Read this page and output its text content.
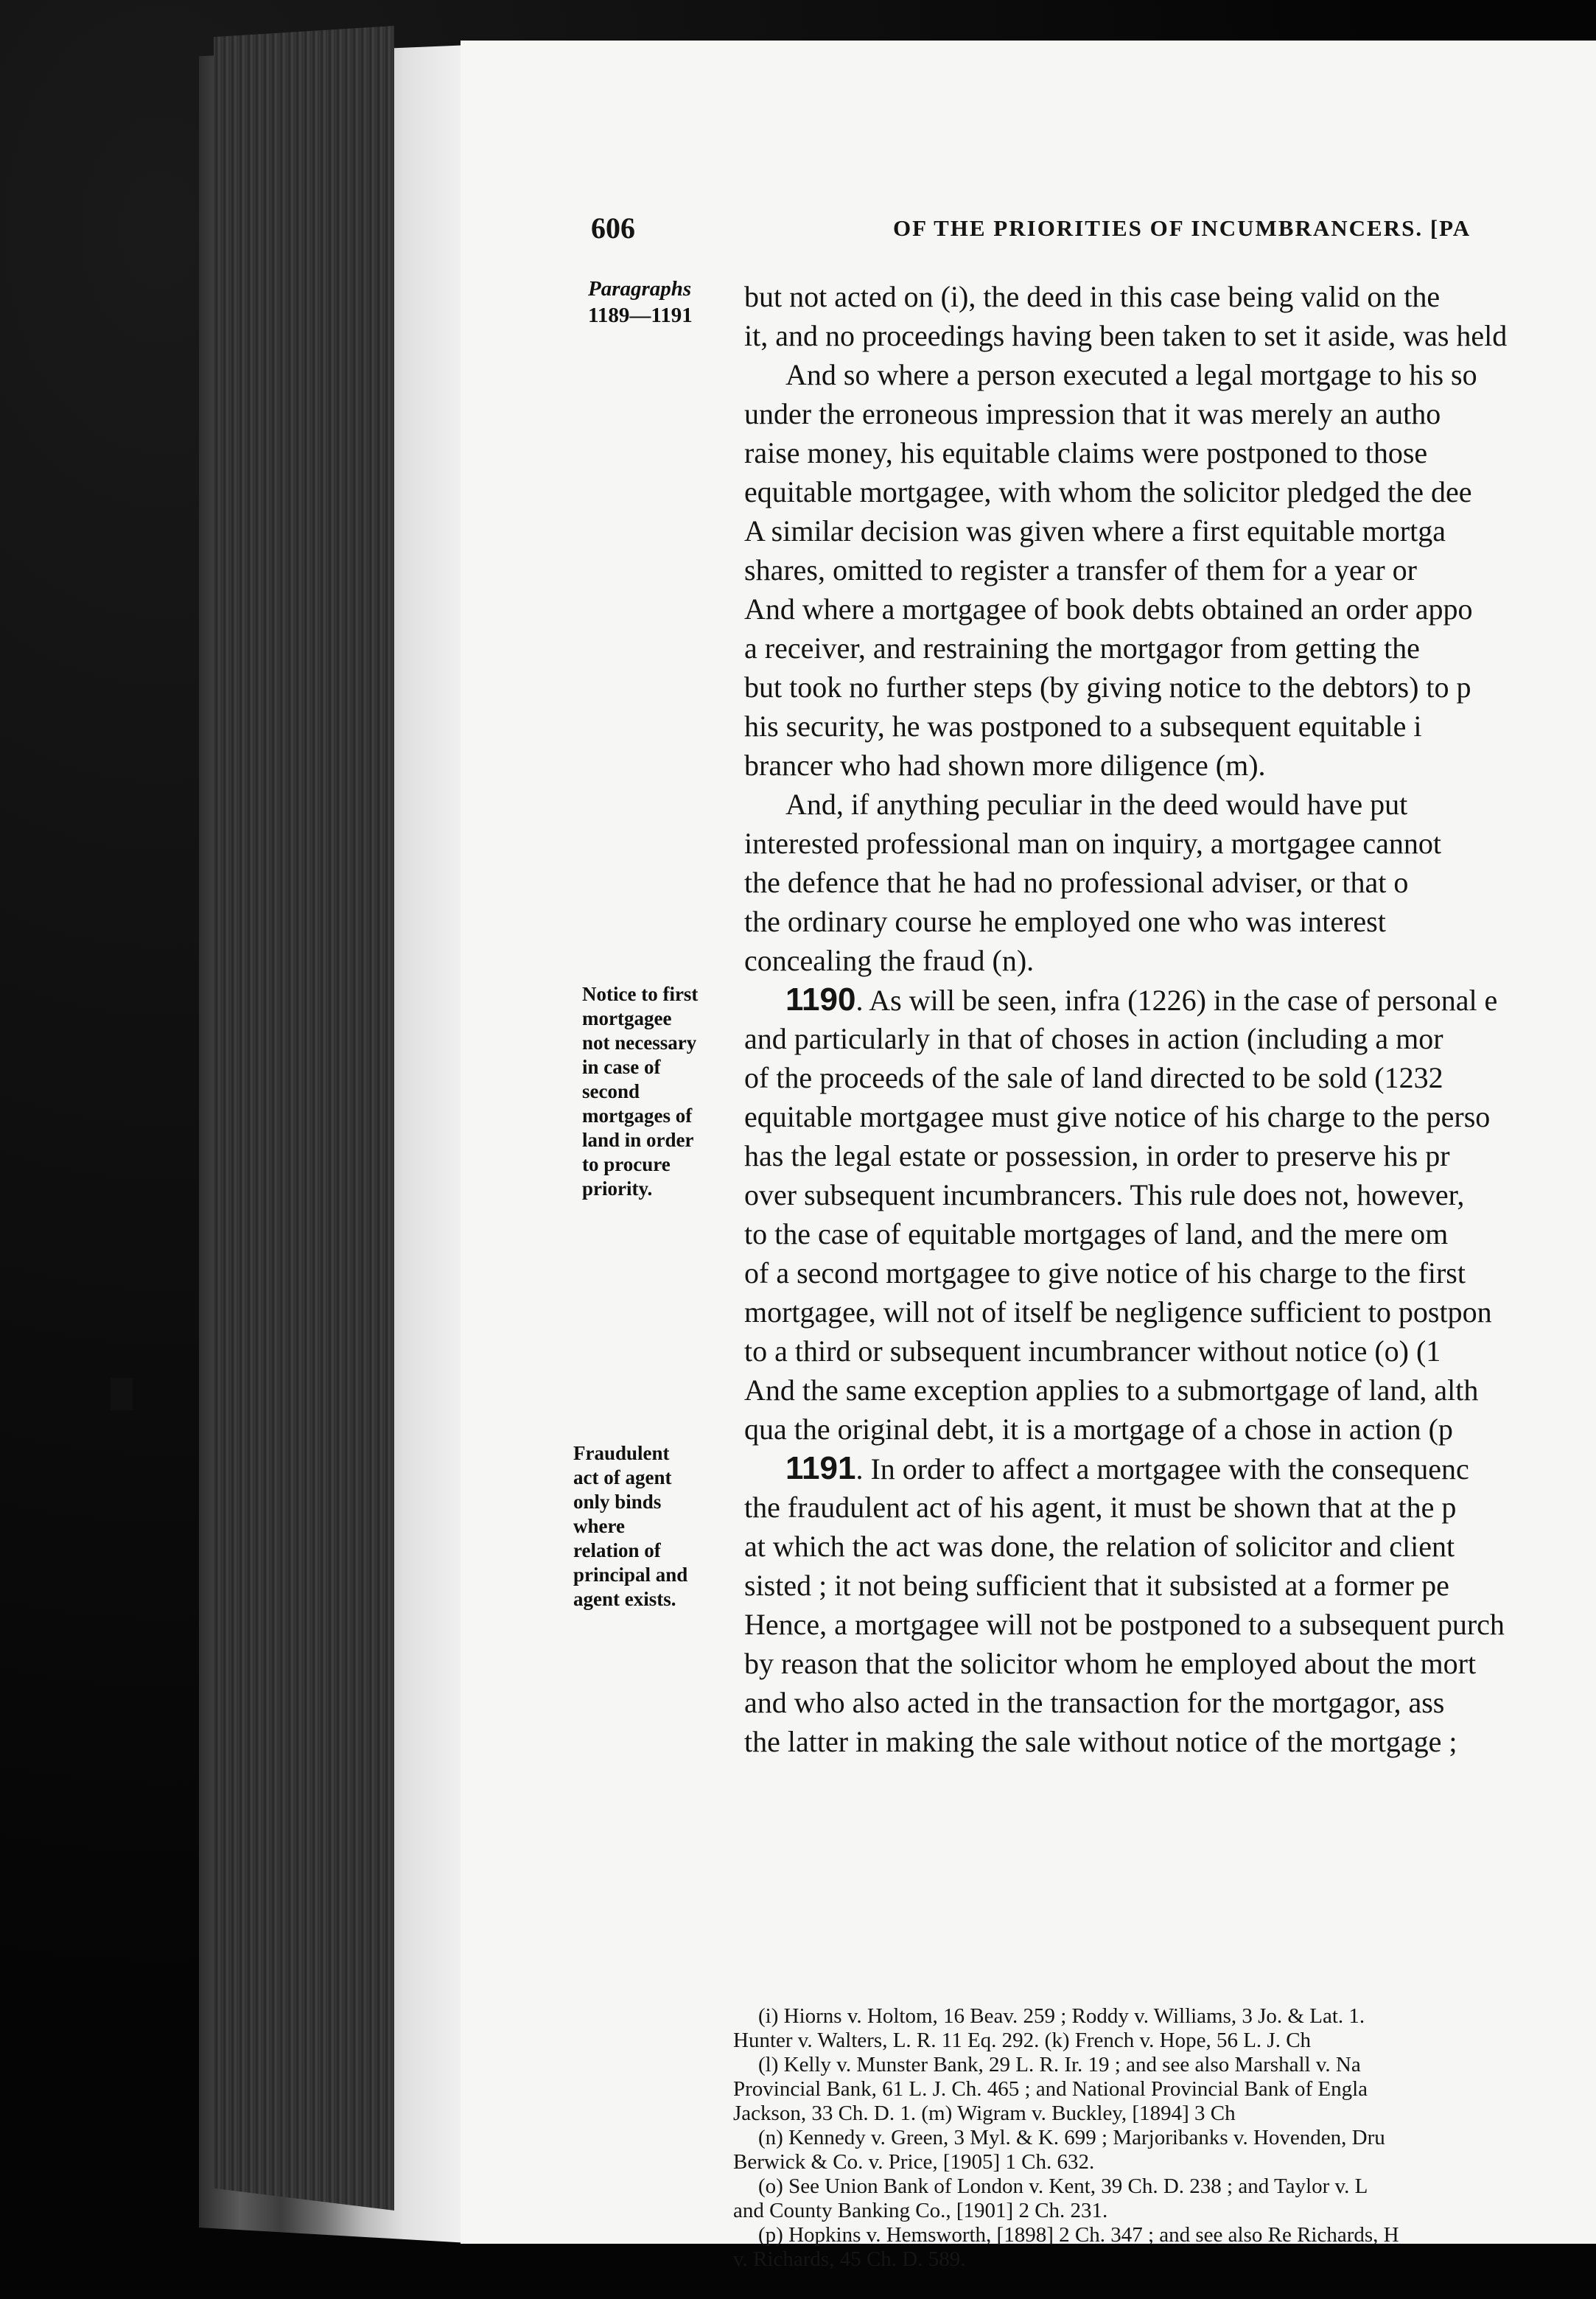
606	OF THE PRIORITIES OF INCUMBRANCERS. [PA
Paragraphs
1189—1191
Notice to first
mortgagee
not necessary
in case of
second
mortgages of
land in order
to procure
priority.
Fraudulent
act of agent
only binds
where
relation of
principal and
agent exists.
but not acted on (i), the deed in this case being valid on the
it, and no proceedings having been taken to set it aside, was held
And so where a person executed a legal mortgage to his so
under the erroneous impression that it was merely an autho
raise money, his equitable claims were postponed to those
equitable mortgagee, with whom the solicitor pledged the dee
A similar decision was given where a first equitable mortga
shares, omitted to register a transfer of them for a year or
And where a mortgagee of book debts obtained an order appo
a receiver, and restraining the mortgagor from getting the
but took no further steps (by giving notice to the debtors) to p
his security, he was postponed to a subsequent equitable i
brancer who had shown more diligence (m).
And, if anything peculiar in the deed would have put
interested professional man on inquiry, a mortgagee cannot
the defence that he had no professional adviser, or that o
the ordinary course he employed one who was interest
concealing the fraud (n).
1190. As will be seen, infra (1226) in the case of personal e
and particularly in that of choses in action (including a mor
of the proceeds of the sale of land directed to be sold (1232
equitable mortgagee must give notice of his charge to the perso
has the legal estate or possession, in order to preserve his pr
over subsequent incumbrancers. This rule does not, however,
to the case of equitable mortgages of land, and the mere om
of a second mortgagee to give notice of his charge to the first
mortgagee, will not of itself be negligence sufficient to postpon
to a third or subsequent incumbrancer without notice (o) (1
And the same exception applies to a submortgage of land, alth
qua the original debt, it is a mortgage of a chose in action (p
1191. In order to affect a mortgagee with the consequenc
the fraudulent act of his agent, it must be shown that at the p
at which the act was done, the relation of solicitor and client
sisted ; it not being sufficient that it subsisted at a former pe
Hence, a mortgagee will not be postponed to a subsequent purch
by reason that the solicitor whom he employed about the mort
and who also acted in the transaction for the mortgagor, ass
the latter in making the sale without notice of the mortgage ;
(i) Hiorns v. Holtom, 16 Beav. 259 ; Roddy v. Williams, 3 Jo. & Lat. 1.
Hunter v. Walters, L. R. 11 Eq. 292. (k) French v. Hope, 56 L. J. Ch
(l) Kelly v. Munster Bank, 29 L. R. Ir. 19 ; and see also Marshall v. Na
Provincial Bank, 61 L. J. Ch. 465 ; and National Provincial Bank of Engla
Jackson, 33 Ch. D. 1. (m) Wigram v. Buckley, [1894] 3 Ch
(n) Kennedy v. Green, 3 Myl. & K. 699 ; Marjoribanks v. Hovenden, Dru
Berwick & Co. v. Price, [1905] 1 Ch. 632.
(o) See Union Bank of London v. Kent, 39 Ch. D. 238 ; and Taylor v. L
and County Banking Co., [1901] 2 Ch. 231.
(p) Hopkins v. Hemsworth, [1898] 2 Ch. 347 ; and see also Re Richards, H
v. Richards, 45 Ch. D. 589.
